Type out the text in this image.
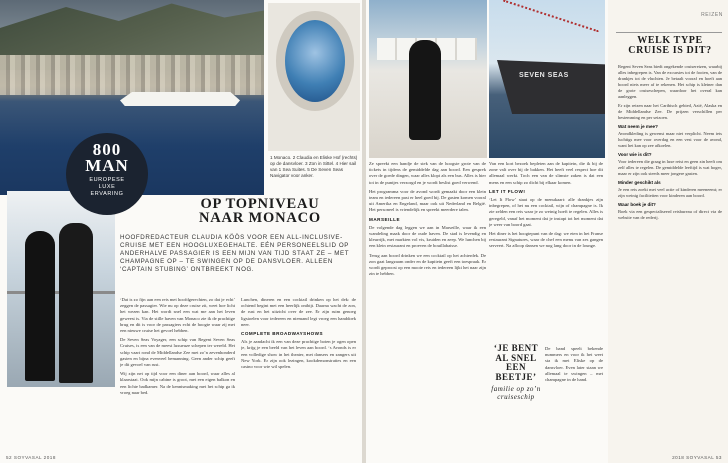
SEVEN SEAS
800
MAN
EUROPESE
LUXE
ERVARING
1 Monaco. 2 Claudia en Eliske Hof (rechts) op de dansvloer. 3 Zon in Sittel. 4 Hier sail van 1 Sea Suites. 5 De Seven Seas Navigator voor anker.
OP TOPNIVEAU
NAAR MONACO
HOOFDREDACTEUR CLAUDIA KÖÖS VOOR EEN ALL-INCLUSIVE-CRUISE MET EEN HOOGLUXEGEHALTE. EÉN PERSONEELSLID OP ANDERHALVE PASSAGIER IS EEN MIJN VAN TIJD STAAT ZE – MET CHAMPAGNE OP – TE SWINGEN OP DE DANSVLOER. ALLEEN ‘CAPTAIN STUBING’ ONTBREEKT NOG.

‘Dat is zo fijn aan een reis met hoofdgerechten, zo dat je echt’ zeggen de passagier. Wie nu op deze cruise zit, weet hoe licht het wezen kan. Het wordt snel een wat me aan het leven geweest is. Via de stille haven van Monaco zie ik de prachtige brug en dit is voor de passagiers echt de hoogte waar zij met een nieuwe cruise het gevoel hebben.

De Seven Seas Voyager, een schip van Regent Seven Seas Cruises, is een van de meest luxueuze schepen ter wereld. Het schip vaart rond de Middellandse Zee met zo’n zevenhonderd gasten en bijna evenveel bemanning. Geen ander schip geeft je dit gevoel van rust.

Wij zijn net op tijd voor een diner aan boord, waar alles al klaarstaat. Ook mijn cabine is groot, met een eigen balkon en een lichte badkamer. Na de kennismaking met het schip ga ik vroeg naar bed.

Lunchen, dineren en een cocktail drinken op het dek: de ochtend begint met een heerlijk ontbijt. Daarna wacht de zon, de rust en het uitzicht over de zee. Er zijn ruim genoeg ligstoelen voor iedereen en niemand legt vroeg een handdoek neer.

COMPLETE BROADWAYSHOWS

Als je aandacht ik een van deze prachtige boten je ogen open je, krijg je een beeld van het leven aan boord. ‘s Avonds is er een volledige show in het theater, met dansers en zangers uit New York. Er zijn ook lezingen, kookdemonstraties en een casino voor wie wil spelen.

Ze spreekt een handje de stek van de hoogste grote van de tickets in tijdens de gemiddelde dag aan boord. Een gesprek over de goede dingen, waar alles klopt als een bus. Alles is hier tot in de puntjes verzorgd en je wordt beslist goed verwend.

Het programma voor de avond wordt gemaakt door een klein team en iedereen past er heel goed bij. De gasten komen vooral uit Amerika en Engeland, maar ook uit Nederland en België. Het personeel is vriendelijk en spreekt meerdere talen.

MARSEILLE

De volgende dag leggen we aan in Marseille, waar ik een wandeling maak door de oude haven. De stad is levendig en kleurrijk, met markten vol vis, kruiden en zeep. We lunchen bij een klein restaurant en proeven de bouillabaisse.

Terug aan boord drinken we een cocktail op het achterdek. De zon gaat langzaam onder en de kapitein geeft een toespraak. Er wordt geproost op een mooie reis en iedereen lijkt het naar zijn zin te hebben.

Van een kort bezoek bepleten aan de kapitein, die ik bij de zone valt over bij de bakken. Het heeft veel respect hoe dit allemaal werkt. Toch een van de slimste zaken is dat een mens en een schip zo dicht bij elkaar komen.

LET IT FLOW!

‘Let It Flow’ staat op de menukaart: alle drankjes zijn inbegrepen, of het nu een cocktail, wijn of champagne is. Ik zie zelden een reis waar je zo weinig hoeft te regelen. Alles is geregeld, vanaf het moment dat je instapt tot het moment dat je weer van boord gaat.

Het diner is het hoogtepunt van de dag: we eten in het Franse restaurant Signatures, waar de chef een menu van zes gangen serveert. Na afloop dansen we nog lang door in de lounge.

De band speelt bekende nummers en voor ik het weet sta ik met Eliske op de dansvloer. Even later staan we allemaal te swingen – met champagne in de hand.

‘JE BENT AL SNEL EEN BEETJE’
familie op zo’n cruiseschip
REIZEN
WELK TYPE
CRUISE IS DIT?

Regent Seven Seas biedt ongekende cruisereizen, waarbij alles inbegrepen is. Van de excursies tot de fooien, van de drankjes tot de vluchten. Je betaalt vooraf en hoeft aan boord niets meer af te rekenen. Het schip is kleiner dan de grote cruiseschepen, waardoor het overal kan aanleggen.

Er zijn reizen naar het Caribisch gebied, Azië, Alaska en de Middellandse Zee. De prijzen verschillen per bestemming en per seizoen.

Wat neem je mee?

Avondkleding is gewenst maar niet verplicht. Neem iets luchtigs mee voor overdag en een vest voor de avond, want het kan op zee afkoelen.

Voor wie is dit?

Voor iedereen die graag in luxe reist en geen zin heeft om zelf alles te regelen. De gemiddelde leeftijd is wat hoger, maar er zijn ook steeds meer jongere gasten.

Minder geschikt als

Je een reis zoekt met veel actie of kinderen meeneemt; er zijn weinig faciliteiten voor kinderen aan boord.

Waar boek je dit?

Boek via een gespecialiseerd reisbureau of direct via de website van de rederij.

52 SOYVASAL 2018	2018 SOYVASAL 53
